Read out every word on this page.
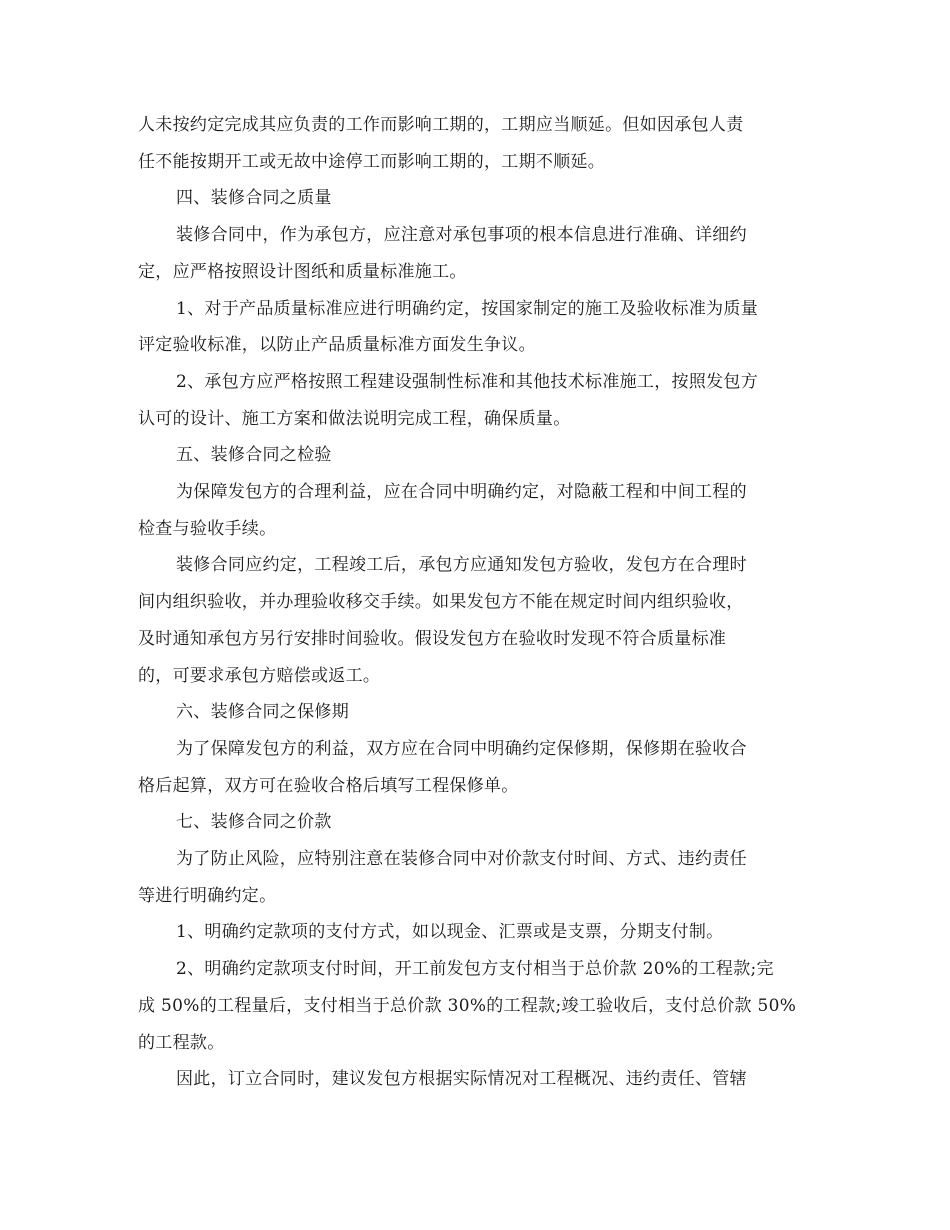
人未按约定完成其应负责的工作而影响工期的，工期应当顺延。但如因承包人责
任不能按期开工或无故中途停工而影响工期的，工期不顺延。
四、装修合同之质量
装修合同中，作为承包方，应注意对承包事项的根本信息进行准确、详细约
定，应严格按照设计图纸和质量标准施工。
1、对于产品质量标准应进行明确约定，按国家制定的施工及验收标准为质量
评定验收标准，以防止产品质量标准方面发生争议。
2、承包方应严格按照工程建设强制性标准和其他技术标准施工，按照发包方
认可的设计、施工方案和做法说明完成工程，确保质量。
五、装修合同之检验
为保障发包方的合理利益，应在合同中明确约定，对隐蔽工程和中间工程的
检查与验收手续。
装修合同应约定，工程竣工后，承包方应通知发包方验收，发包方在合理时
间内组织验收，并办理验收移交手续。如果发包方不能在规定时间内组织验收，
及时通知承包方另行安排时间验收。假设发包方在验收时发现不符合质量标准
的，可要求承包方赔偿或返工。
六、装修合同之保修期
为了保障发包方的利益，双方应在合同中明确约定保修期，保修期在验收合
格后起算，双方可在验收合格后填写工程保修单。
七、装修合同之价款
为了防止风险，应特别注意在装修合同中对价款支付时间、方式、违约责任
等进行明确约定。
1、明确约定款项的支付方式，如以现金、汇票或是支票，分期支付制。
2、明确约定款项支付时间，开工前发包方支付相当于总价款 20%的工程款;完
成 50%的工程量后，支付相当于总价款 30%的工程款;竣工验收后，支付总价款 50%
的工程款。
因此，订立合同时，建议发包方根据实际情况对工程概况、违约责任、管辖
